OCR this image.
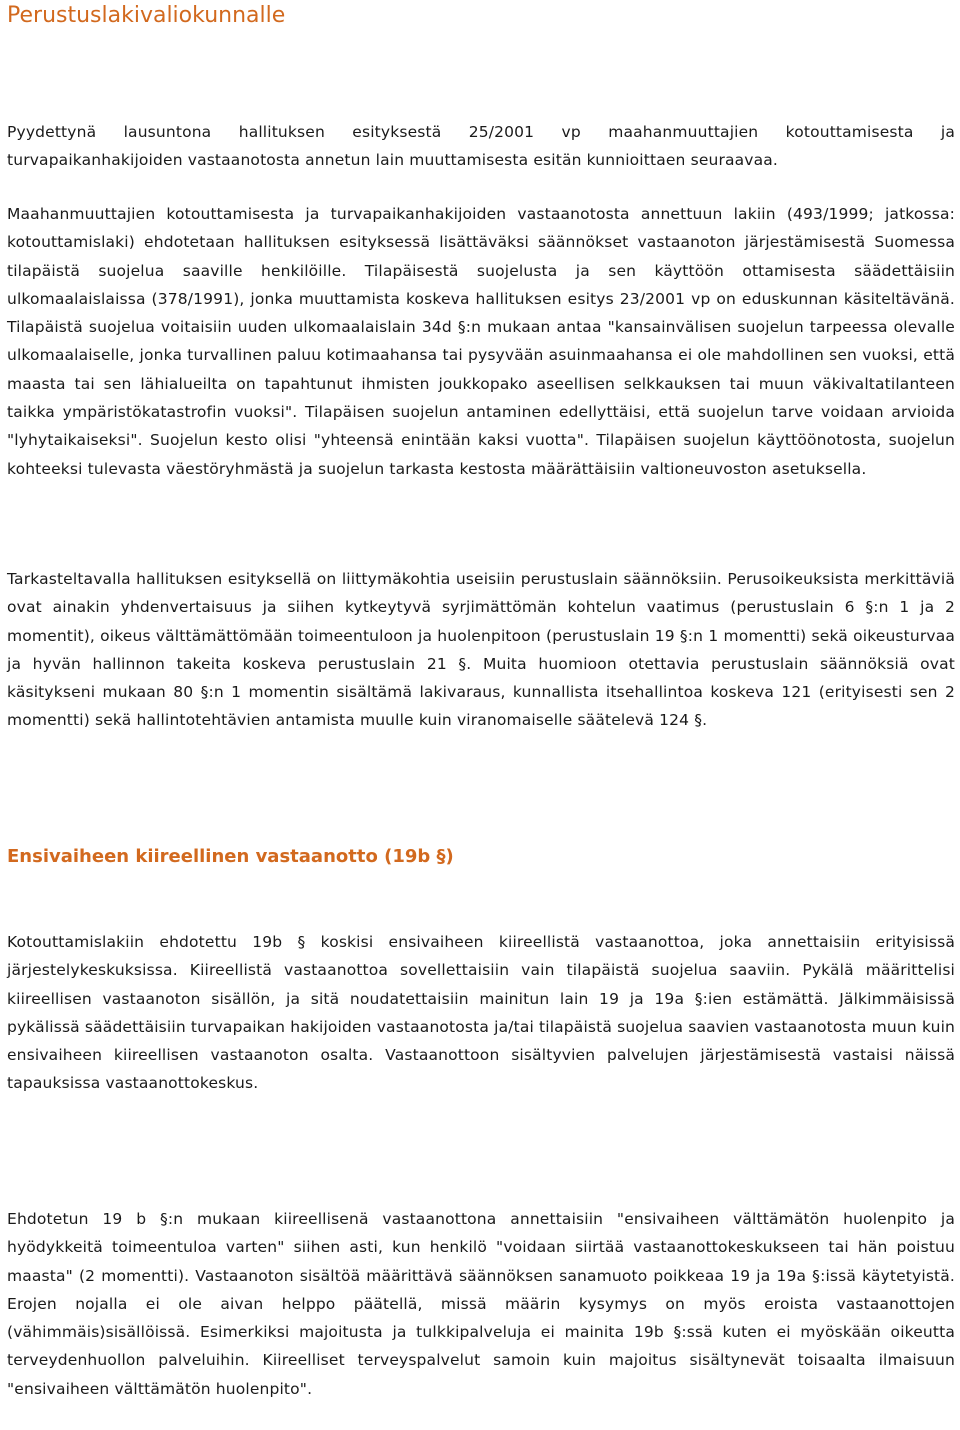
Perustuslakivaliokunnalle

Pyydettynä lausuntona hallituksen esityksestä 25/2001 vp maahanmuuttajien kotouttamisesta ja turvapaikanhakijoiden vastaanotosta annetun lain muuttamisesta esitän kunnioittaen seuraavaa.

Maahanmuuttajien kotouttamisesta ja turvapaikanhakijoiden vastaanotosta annettuun lakiin (493/1999; jatkossa: kotouttamislaki) ehdotetaan hallituksen esityksessä lisättäväksi säännökset vastaanoton järjestämisestä Suomessa tilapäistä suojelua saaville henkilöille. Tilapäisestä suojelusta ja sen käyttöön ottamisesta säädettäisiin ulkomaalaislaissa (378/1991), jonka muuttamista koskeva hallituksen esitys 23/2001 vp on eduskunnan käsiteltävänä. Tilapäistä suojelua voitaisiin uuden ulkomaalaislain 34d §:n mukaan antaa "kansainvälisen suojelun tarpeessa olevalle ulkomaalaiselle, jonka turvallinen paluu kotimaahansa tai pysyvään asuinmaahansa ei ole mahdollinen sen vuoksi, että maasta tai sen lähialueilta on tapahtunut ihmisten joukkopako aseellisen selkkauksen tai muun väkivaltatilanteen taikka ympäristökatastrofin vuoksi". Tilapäisen suojelun antaminen edellyttäisi, että suojelun tarve voidaan arvioida "lyhytaikaiseksi". Suojelun kesto olisi "yhteensä enintään kaksi vuotta". Tilapäisen suojelun käyttöönotosta, suojelun kohteeksi tulevasta väestöryhmästä ja suojelun tarkasta kestosta määrättäisiin valtioneuvoston asetuksella.

Tarkasteltavalla hallituksen esityksellä on liittymäkohtia useisiin perustuslain säännöksiin. Perusoikeuksista merkittäviä ovat ainakin yhdenvertaisuus ja siihen kytkeytyvä syrjimättömän kohtelun vaatimus (perustuslain 6 §:n 1 ja 2 momentit), oikeus välttämättömään toimeentuloon ja huolenpitoon (perustuslain 19 §:n 1 momentti) sekä oikeusturvaa ja hyvän hallinnon takeita koskeva perustuslain 21 §. Muita huomioon otettavia perustuslain säännöksiä ovat käsitykseni mukaan 80 §:n 1 momentin sisältämä lakivaraus, kunnallista itsehallintoa koskeva 121 (erityisesti sen 2 momentti) sekä hallintotehtävien antamista muulle kuin viranomaiselle säätelevä 124 §.

Ensivaiheen kiireellinen vastaanotto (19b §)

Kotouttamislakiin ehdotettu 19b § koskisi ensivaiheen kiireellistä vastaanottoa, joka annettaisiin erityisissä järjestelykeskuksissa. Kiireellistä vastaanottoa sovellettaisiin vain tilapäistä suojelua saaviin. Pykälä määrittelisi kiireellisen vastaanoton sisällön, ja sitä noudatettaisiin mainitun lain 19 ja 19a §:ien estämättä. Jälkimmäisissä pykälissä säädettäisiin turvapaikan hakijoiden vastaanotosta ja/tai tilapäistä suojelua saavien vastaanotosta muun kuin ensivaiheen kiireellisen vastaanoton osalta. Vastaanottoon sisältyvien palvelujen järjestämisestä vastaisi näissä tapauksissa vastaanottokeskus.

Ehdotetun 19 b §:n mukaan kiireellisenä vastaanottona annettaisiin "ensivaiheen välttämätön huolenpito ja hyödykkeitä toimeentuloa varten" siihen asti, kun henkilö "voidaan siirtää vastaanottokeskukseen tai hän poistuu maasta" (2 momentti). Vastaanoton sisältöä määrittävä säännöksen sanamuoto poikkeaa 19 ja 19a §:issä käytetyistä. Erojen nojalla ei ole aivan helppo päätellä, missä määrin kysymys on myös eroista vastaanottojen (vähimmäis)sisällöissä. Esimerkiksi majoitusta ja tulkkipalveluja ei mainita 19b §:ssä kuten ei myöskään oikeutta terveydenhuollon palveluihin. Kiireelliset terveyspalvelut samoin kuin majoitus sisältynevät toisaalta ilmaisuun "ensivaiheen välttämätön huolenpito".
